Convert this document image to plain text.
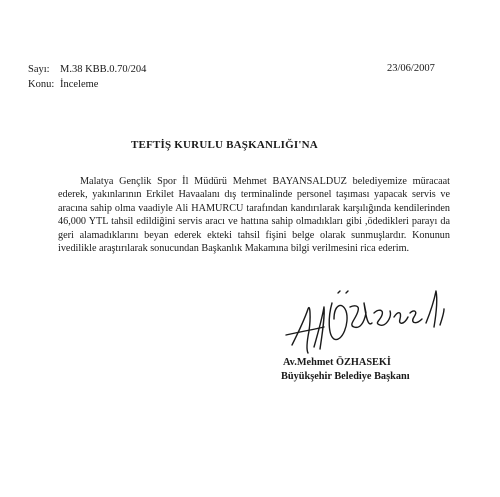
Sayı: M.38 KBB.0.70/204
Konu: İnceleme
23/06/2007
TEFTİŞ KURULU BAŞKANLIĞI'NA
Malatya Gençlik Spor İl Müdürü Mehmet BAYANSALDUZ belediyemize müracaat
ederek, yakınlarının Erkilet Havaalanı dış terminalinde personel taşıması yapacak servis ve
aracına sahip olma vaadiyle Ali HAMURCU tarafından kandırılarak karşılığında kendilerinden
46,000 YTL tahsil edildiğini servis aracı ve hattına sahip olmadıkları gibi ,ödedikleri parayı da
geri alamadıklarını beyan ederek ekteki tahsil fişini belge olarak sunmuşlardır. Konunun
ivedilikle araştırılarak sonucundan Başkanlık Makamına bilgi verilmesini rica ederim.
Av.Mehmet ÖZHASEKİ
Büyükşehir Belediye Başkanı
